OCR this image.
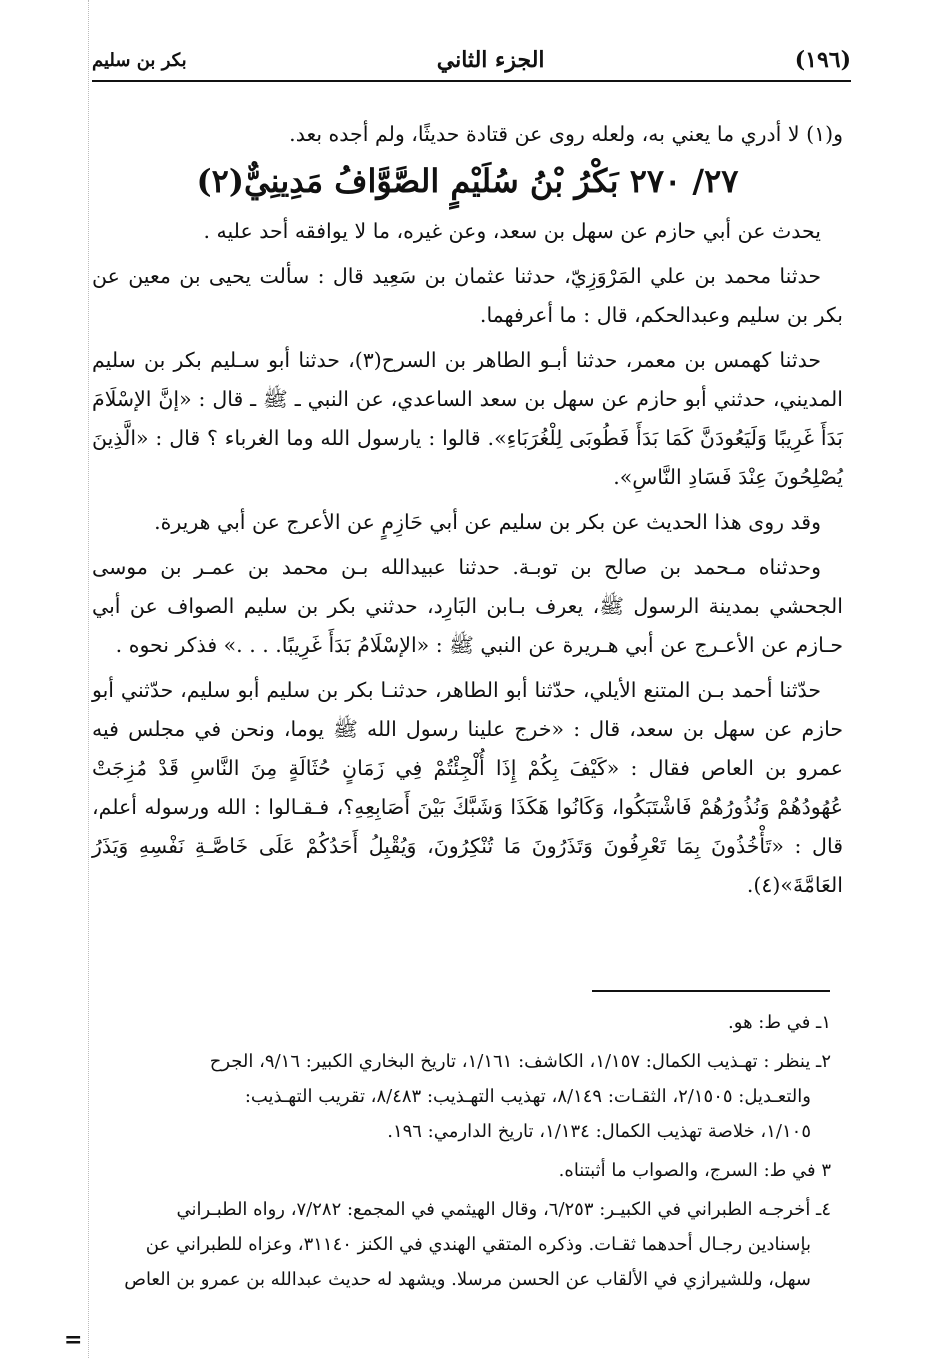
(١٩٦)
الجزء الثاني
بكر بن سليم

و(١) لا أدري ما يعني به، ولعله روى عن قتادة حديثًا، ولم أجده بعد.

٢٧/ ٢٧٠ بَكْرُ بْنُ سُلَيْمٍ الصَّوَّافُ مَدِينِيٌّ(٢)

يحدث عن أبي حازم عن سهل بن سعد، وعن غيره، ما لا يوافقه أحد عليه .

حدثنا محمد بن علي المَرْوَزِيّ، حدثنا عثمان بن سَعِيد قال : سألت يحيى بن معين عن بكر بن سليم وعبدالحكم، قال : ما أعرفهما.

حدثنا كهمس بن معمر، حدثنا أبـو الطاهر بن السرح(٣)، حدثنا أبو سـليم بكر بن سليم المديني، حدثني أبو حازم عن سهل بن سعد الساعدي، عن النبي ـ ﷺ ـ قال : «إنَّ الإسْلَامَ بَدَأَ غَرِيبًا وَلَيَعُودَنَّ كَمَا بَدَأَ فَطُوبَى لِلْغُرَبَاءِ». قالوا : يارسول الله وما الغرباء ؟ قال : «الَّذِينَ يُصْلِحُونَ عِنْدَ فَسَادِ النَّاسِ».

وقد روى هذا الحديث عن بكر بن سليم عن أبي حَازِمٍ عن الأعرج عن أبي هريرة.

وحدثناه مـحمد بن صالح بن توبـة. حدثنا عبيدالله بـن محمد بن عمـر بن موسى الجحشي بمدينة الرسول ﷺ، يعرف بـابن البَارِد، حدثني بكر بن سليم الصواف عن أبي حـازم عن الأعـرج عن أبي هـريرة عن النبي ﷺ : «الإسْلَامُ بَدَأَ غَرِيبًا. . . .» فذكر نحوه .

حدّثنا أحمد بـن المتنع الأيلي، حدّثنا أبو الطاهر، حدثنـا بكر بن سليم أبو سليم، حدّثني أبو حازم عن سهل بن سعد، قال : «خرج علينا رسول الله ﷺ يوما، ونحن في مجلس فيه عمرو بن العاص فقال : «كَيْفَ بِكُمْ إِذَا أُلْجِئْتُمْ فِي زَمَانٍ حُثَالَةٍ مِنَ النَّاسِ قَدْ مُزِجَتْ عُهُودُهُمْ وَنُذُورُهُمْ فَاشْتَبَكُوا، وَكَانُوا هَكَذَا وَشَبَّكَ بَيْنَ أَصَابِعِهِ؟، فـقـالوا : الله ورسوله أعلم، قال : «تَأْخُذُونَ بِمَا تَعْرِفُونَ وَتَذَرُونَ مَا تُنْكِرُونَ، وَيُقْبِلُ أَحَدُكُمْ عَلَى خَاصَّـةِ نَفْسِهِ وَيَذَرُ العَامَّةَ»(٤).

١ـ في ط: هو.
٢ـ ينظر : تهـذيب الكمال: ١/١٥٧، الكاشف: ١/١٦١، تاريخ البخاري الكبير: ٩/١٦، الجرح
والتعـديل: ٢/١٥٠٥، الثقـات: ٨/١٤٩، تهذيب التهـذيب: ٨/٤٨٣، تقريب التهـذيب:
١/١٠٥، خلاصة تهذيب الكمال: ١/١٣٤، تاريخ الدارمي: ١٩٦.
٣ في ط: السرج، والصواب ما أثبتناه.
٤ـ أخرجـه الطبراني في الكبيـر: ٦/٢٥٣، وقال الهيثمي في المجمع: ٧/٢٨٢، رواه الطبـراني
بإسنادين رجـال أحدهما ثقـات. وذكره المتقي الهندي في الكنز ٣١١٤٠، وعزاه للطبراني عن
سهل، وللشيرازي في الألقاب عن الحسن مرسلا. ويشهد له حديث عبدالله بن عمرو بن العاص
=
